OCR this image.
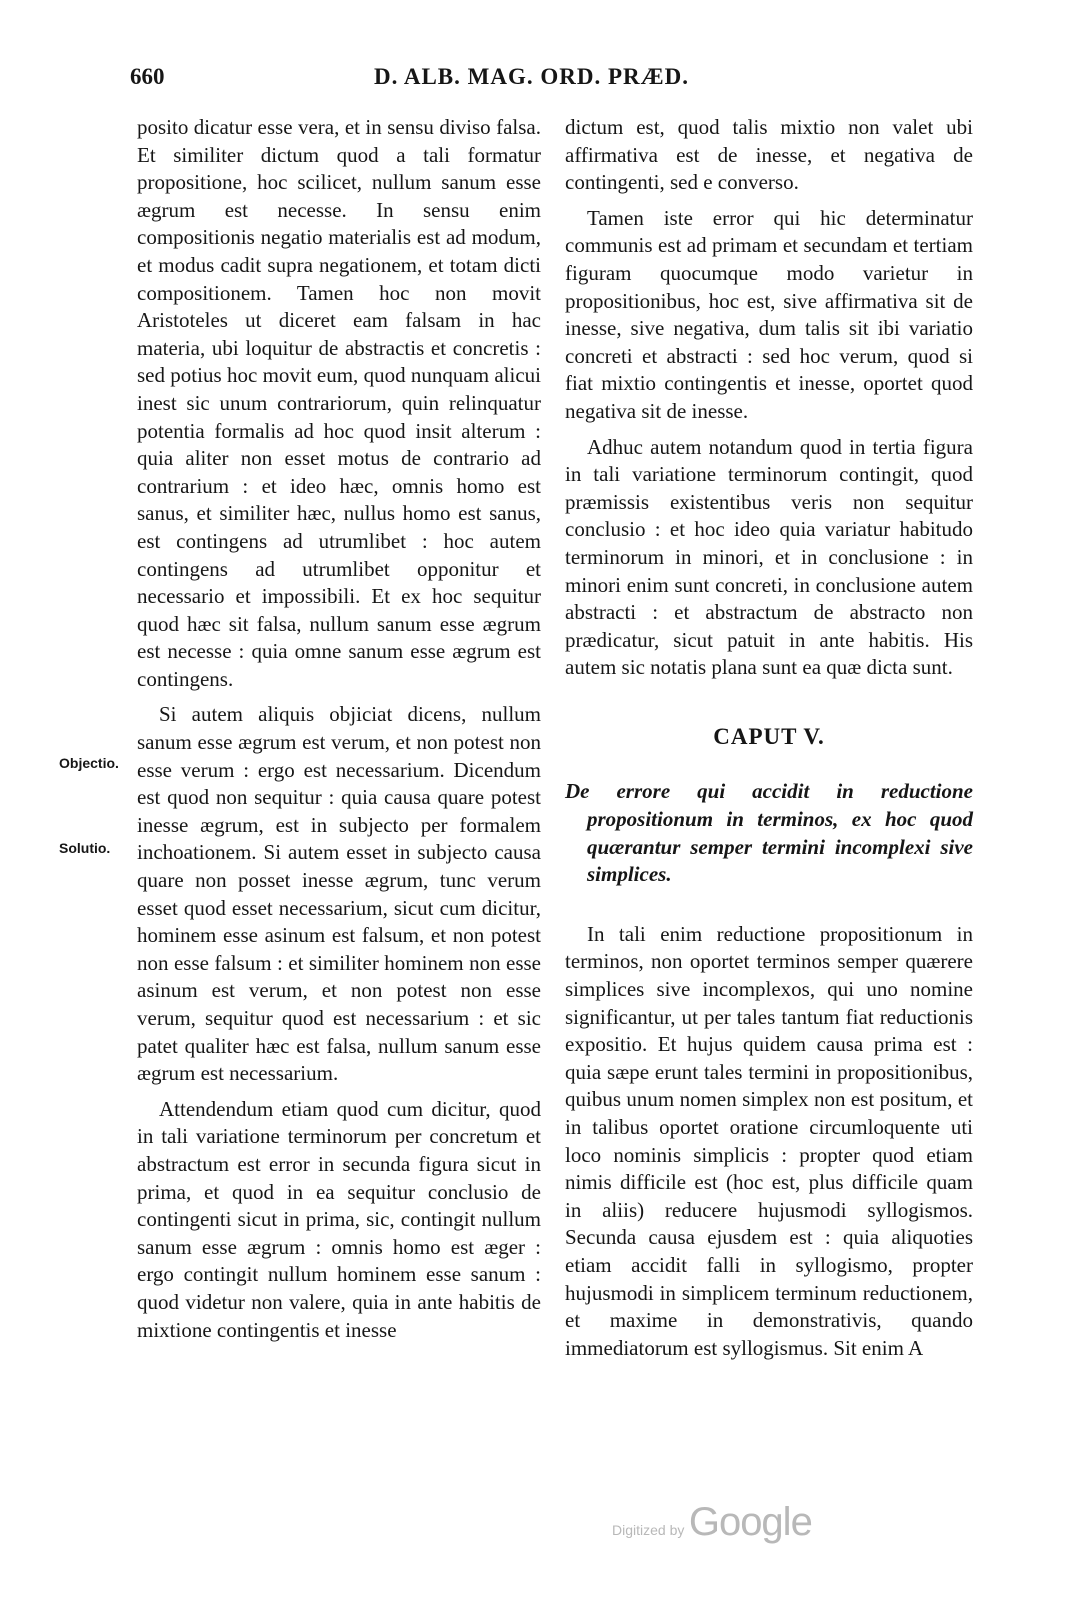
660	D. ALB. MAG. ORD. PRÆD.
Objectio.
Solutio.

posito dicatur esse vera, et in sensu diviso falsa. Et similiter dictum quod a tali formatur propositione, hoc scilicet, nullum sanum esse ægrum est necesse. In sensu enim compositionis negatio materialis est ad modum, et modus cadit supra negationem, et totam dicti compositionem. Tamen hoc non movit Aristoteles ut diceret eam falsam in hac materia, ubi loquitur de abstractis et concretis : sed potius hoc movit eum, quod nunquam alicui inest sic unum contrariorum, quin relinquatur potentia formalis ad hoc quod insit alterum : quia aliter non esset motus de contrario ad contrarium : et ideo hæc, omnis homo est sanus, et similiter hæc, nullus homo est sanus, est contingens ad utrumlibet : hoc autem contingens ad utrumlibet opponitur et necessario et impossibili. Et ex hoc sequitur quod hæc sit falsa, nullum sanum esse ægrum est necesse : quia omne sanum esse ægrum est contingens.

Si autem aliquis objiciat dicens, nullum sanum esse ægrum est verum, et non potest non esse verum : ergo est necessarium. Dicendum est quod non sequitur : quia causa quare potest inesse ægrum, est in subjecto per formalem inchoationem. Si autem esset in subjecto causa quare non posset inesse ægrum, tunc verum esset quod esset necessarium, sicut cum dicitur, hominem esse asinum est falsum, et non potest non esse falsum : et similiter hominem non esse asinum est verum, et non potest non esse verum, sequitur quod est necessarium : et sic patet qualiter hæc est falsa, nullum sanum esse ægrum est necessarium.

Attendendum etiam quod cum dicitur, quod in tali variatione terminorum per concretum et abstractum est error in secunda figura sicut in prima, et quod in ea sequitur conclusio de contingenti sicut in prima, sic, contingit nullum sanum esse ægrum : omnis homo est æger : ergo contingit nullum hominem esse sanum : quod videtur non valere, quia in ante habitis de mixtione contingentis et inesse

dictum est, quod talis mixtio non valet ubi affirmativa est de inesse, et negativa de contingenti, sed e converso.

Tamen iste error qui hic determinatur communis est ad primam et secundam et tertiam figuram quocumque modo varietur in propositionibus, hoc est, sive affirmativa sit de inesse, sive negativa, dum talis sit ibi variatio concreti et abstracti : sed hoc verum, quod si fiat mixtio contingentis et inesse, oportet quod negativa sit de inesse.

Adhuc autem notandum quod in tertia figura in tali variatione terminorum contingit, quod præmissis existentibus veris non sequitur conclusio : et hoc ideo quia variatur habitudo terminorum in minori, et in conclusione : in minori enim sunt concreti, in conclusione autem abstracti : et abstractum de abstracto non prædicatur, sicut patuit in ante habitis. His autem sic notatis plana sunt ea quæ dicta sunt.

CAPUT V.

De errore qui accidit in reductione propositionum in terminos, ex hoc quod quærantur semper termini incomplexi sive simplices.

In tali enim reductione propositionum in terminos, non oportet terminos semper quærere simplices sive incomplexos, qui uno nomine significantur, ut per tales tantum fiat reductionis expositio. Et hujus quidem causa prima est : quia sæpe erunt tales termini in propositionibus, quibus unum nomen simplex non est positum, et in talibus oportet oratione circumloquente uti loco nominis simplicis : propter quod etiam nimis difficile est (hoc est, plus difficile quam in aliis) reducere hujusmodi syllogismos. Secunda causa ejusdem est : quia aliquoties etiam accidit falli in syllogismo, propter hujusmodi in simplicem terminum reductionem, et maxime in demonstrativis, quando immediatorum est syllogismus. Sit enim A

Digitized by Google
